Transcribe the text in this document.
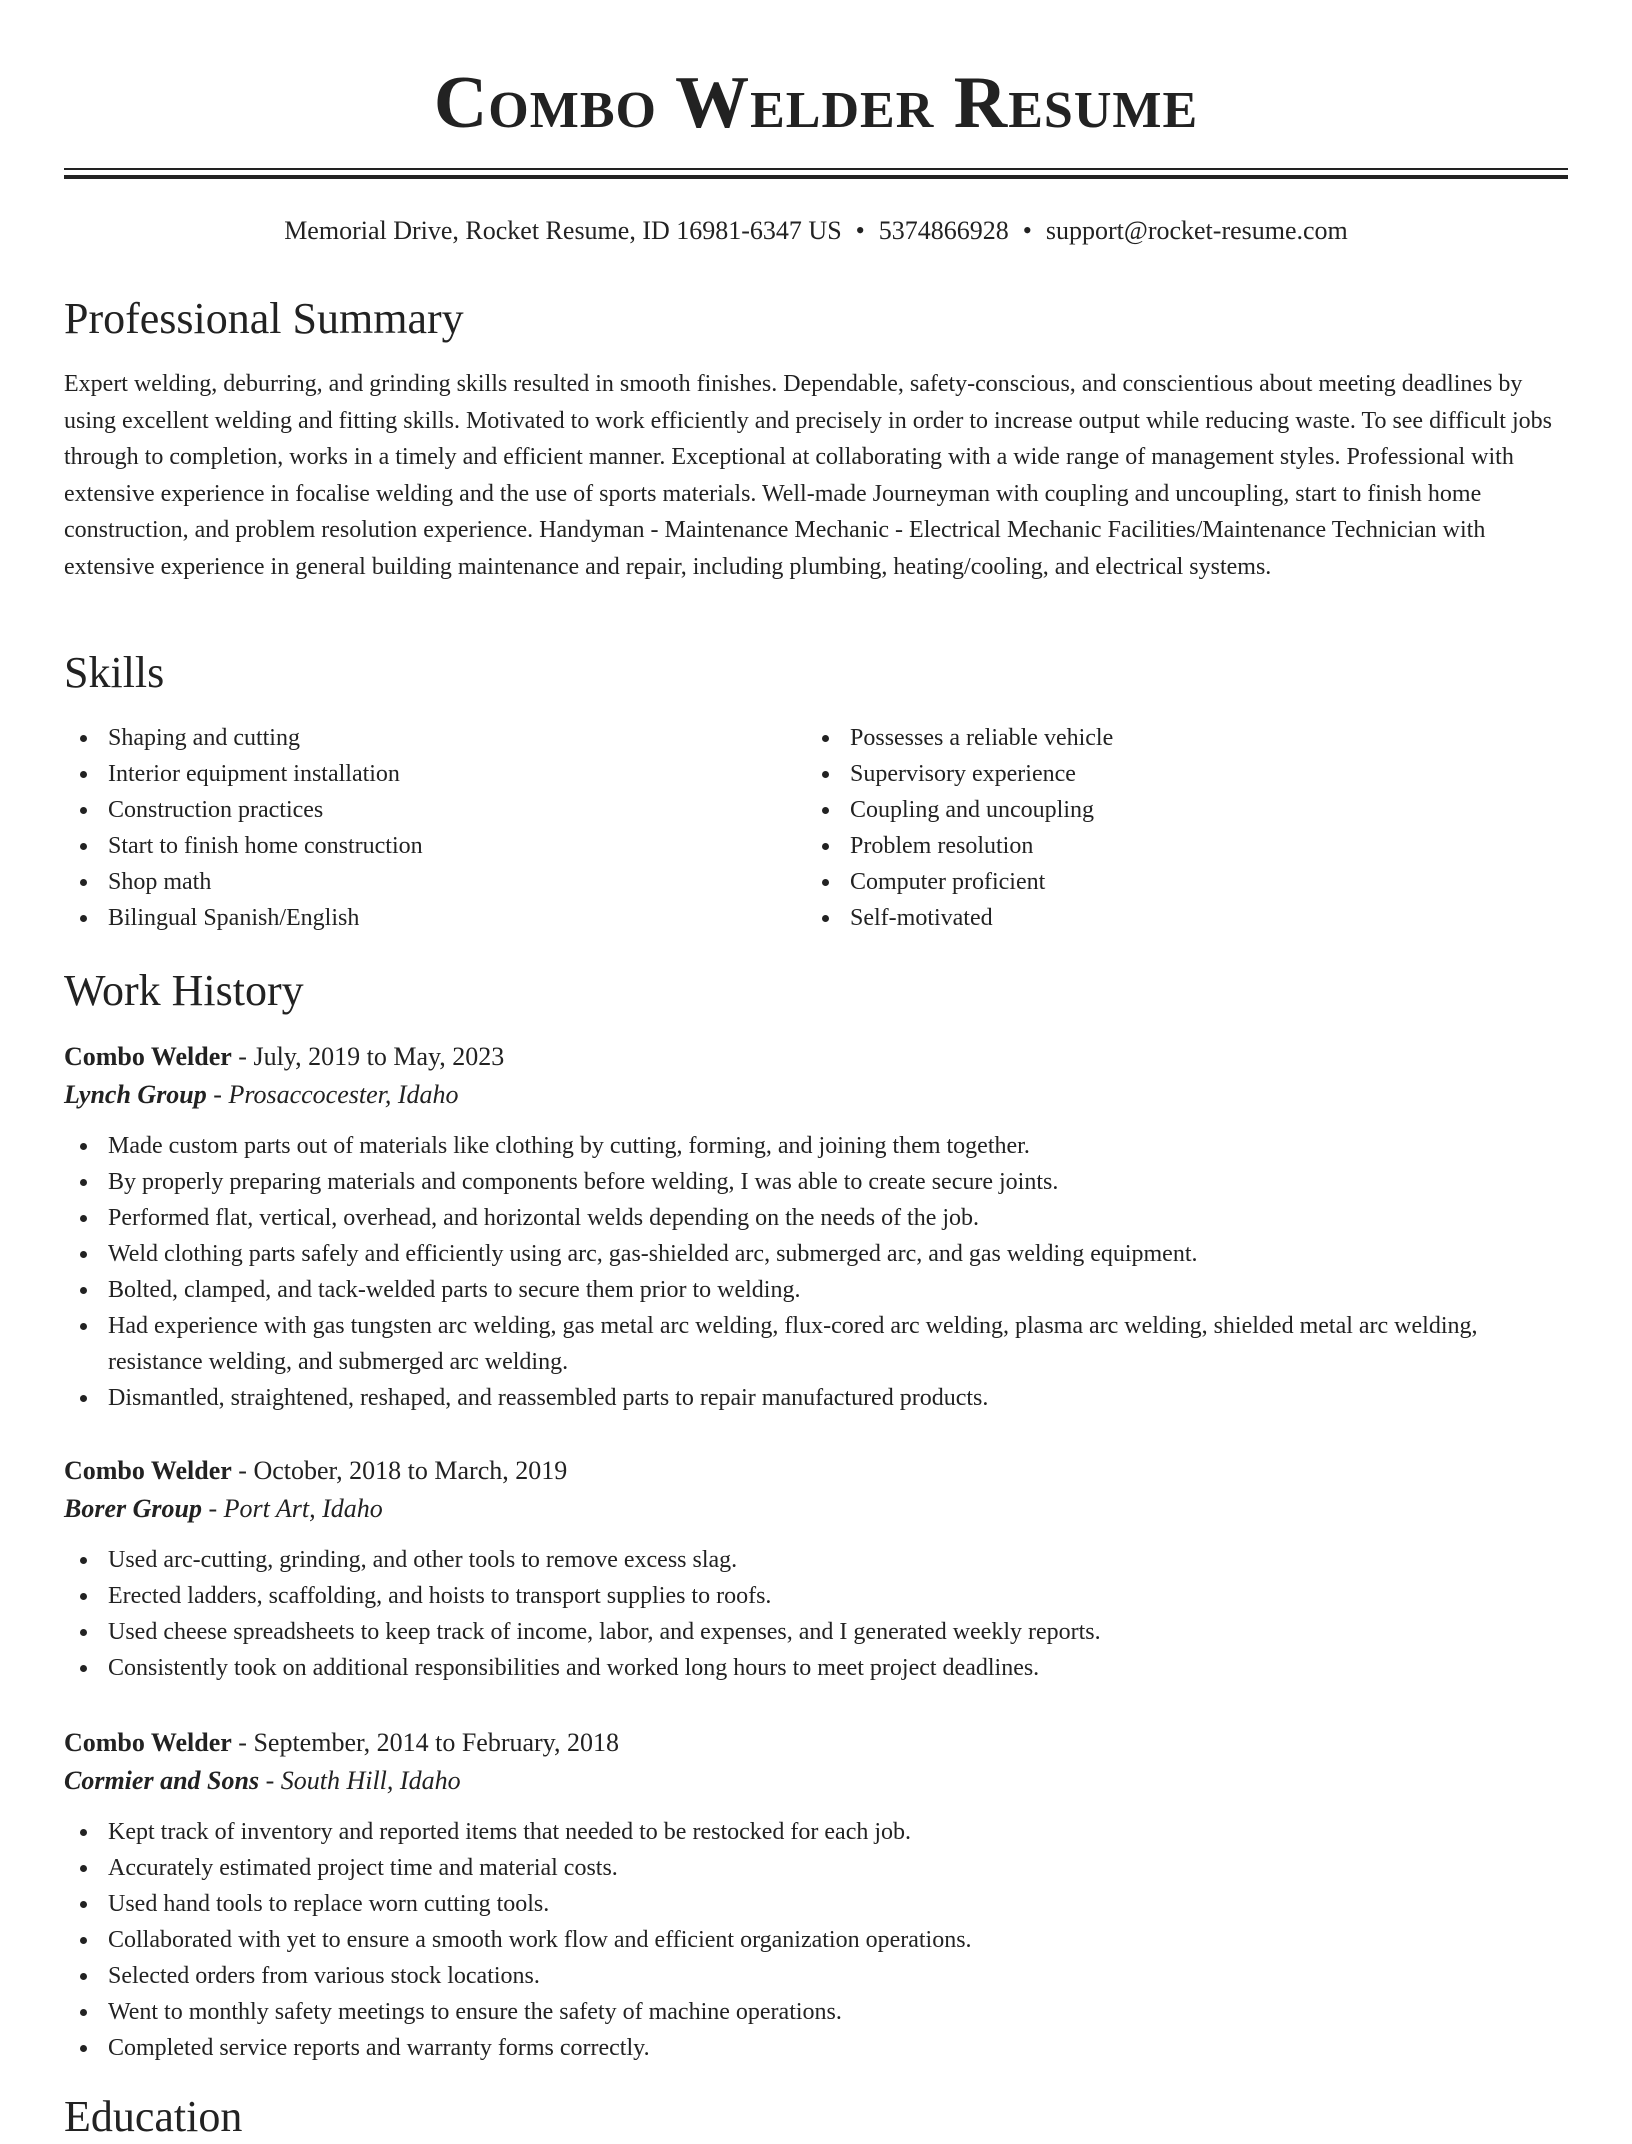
Combo Welder Resume
Memorial Drive, Rocket Resume, ID 16981-6347 US • 5374866928 • support@rocket-resume.com
Professional Summary

Expert welding, deburring, and grinding skills resulted in smooth finishes. Dependable, safety-conscious, and conscientious about meeting deadlines by using excellent welding and fitting skills. Motivated to work efficiently and precisely in order to increase output while reducing waste. To see difficult jobs through to completion, works in a timely and efficient manner. Exceptional at collaborating with a wide range of management styles. Professional with extensive experience in focalise welding and the use of sports materials. Well-made Journeyman with coupling and uncoupling, start to finish home construction, and problem resolution experience. Handyman - Maintenance Mechanic - Electrical Mechanic Facilities/Maintenance Technician with extensive experience in general building maintenance and repair, including plumbing, heating/cooling, and electrical systems.

Skills
Shaping and cutting
Interior equipment installation
Construction practices
Start to finish home construction
Shop math
Bilingual Spanish/English
Possesses a reliable vehicle
Supervisory experience
Coupling and uncoupling
Problem resolution
Computer proficient
Self-motivated
Work History

Combo Welder - July, 2019 to May, 2023

Lynch Group - Prosaccocester, Idaho

Made custom parts out of materials like clothing by cutting, forming, and joining them together.
By properly preparing materials and components before welding, I was able to create secure joints.
Performed flat, vertical, overhead, and horizontal welds depending on the needs of the job.
Weld clothing parts safely and efficiently using arc, gas-shielded arc, submerged arc, and gas welding equipment.
Bolted, clamped, and tack-welded parts to secure them prior to welding.
Had experience with gas tungsten arc welding, gas metal arc welding, flux-cored arc welding, plasma arc welding, shielded metal arc welding, resistance welding, and submerged arc welding.
Dismantled, straightened, reshaped, and reassembled parts to repair manufactured products.

Combo Welder - October, 2018 to March, 2019

Borer Group - Port Art, Idaho

Used arc-cutting, grinding, and other tools to remove excess slag.
Erected ladders, scaffolding, and hoists to transport supplies to roofs.
Used cheese spreadsheets to keep track of income, labor, and expenses, and I generated weekly reports.
Consistently took on additional responsibilities and worked long hours to meet project deadlines.

Combo Welder - September, 2014 to February, 2018

Cormier and Sons - South Hill, Idaho

Kept track of inventory and reported items that needed to be restocked for each job.
Accurately estimated project time and material costs.
Used hand tools to replace worn cutting tools.
Collaborated with yet to ensure a smooth work flow and efficient organization operations.
Selected orders from various stock locations.
Went to monthly safety meetings to ensure the safety of machine operations.
Completed service reports and warranty forms correctly.
Education
